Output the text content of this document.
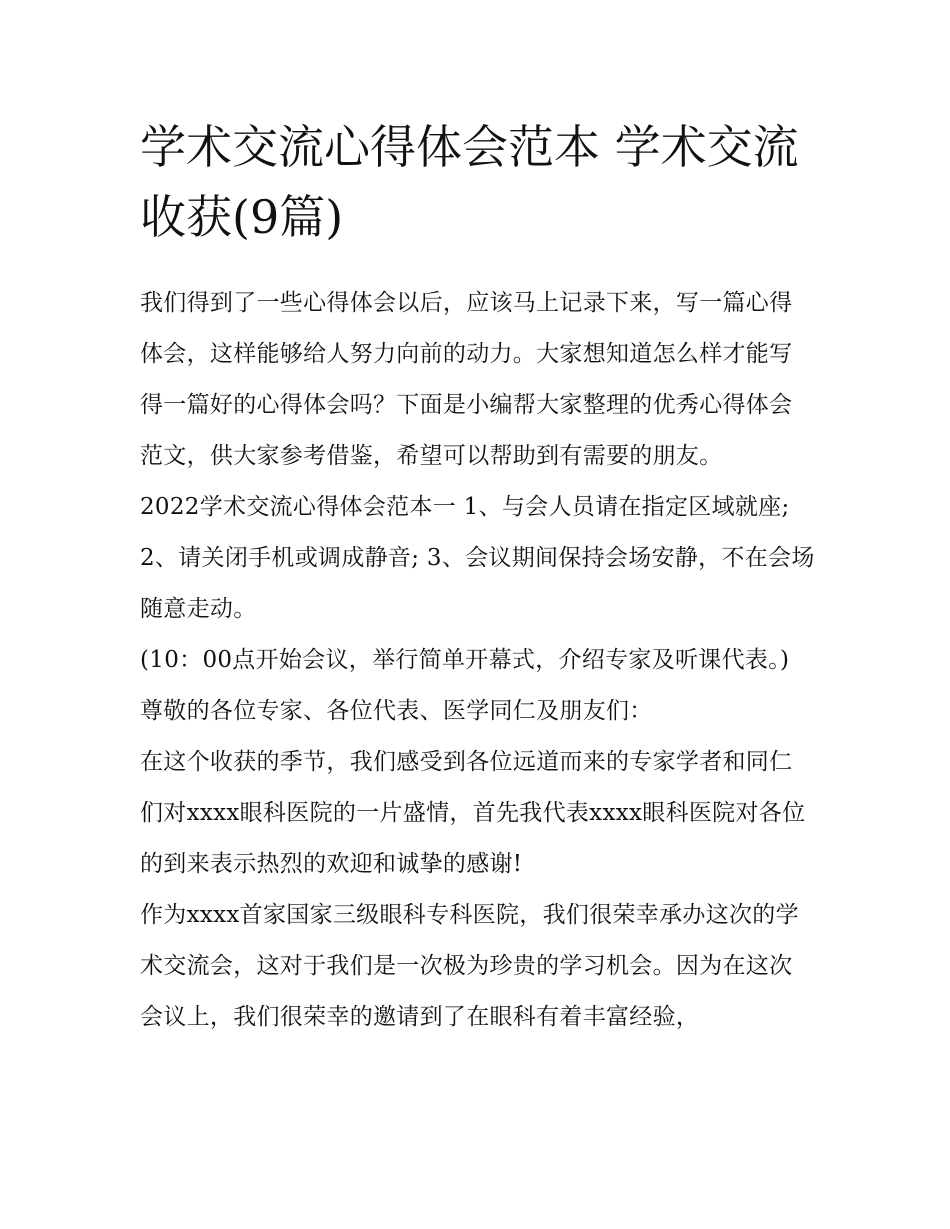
学术交流心得体会范本 学术交流收获(9篇)

我们得到了一些心得体会以后，应该马上记录下来，写一篇心得体会，这样能够给人努力向前的动力。大家想知道怎么样才能写得一篇好的心得体会吗？下面是小编帮大家整理的优秀心得体会范文，供大家参考借鉴，希望可以帮助到有需要的朋友。

2022学术交流心得体会范本一 1、与会人员请在指定区域就座; 2、请关闭手机或调成静音; 3、会议期间保持会场安静，不在会场随意走动。

(10：00点开始会议，举行简单开幕式，介绍专家及听课代表。) 尊敬的各位专家、各位代表、医学同仁及朋友们：

在这个收获的季节，我们感受到各位远道而来的专家学者和同仁们对xxxx眼科医院的一片盛情，首先我代表xxxx眼科医院对各位的到来表示热烈的欢迎和诚挚的感谢!

作为xxxx首家国家三级眼科专科医院，我们很荣幸承办这次的学术交流会，这对于我们是一次极为珍贵的学习机会。因为在这次会议上，我们很荣幸的邀请到了在眼科有着丰富经验，
